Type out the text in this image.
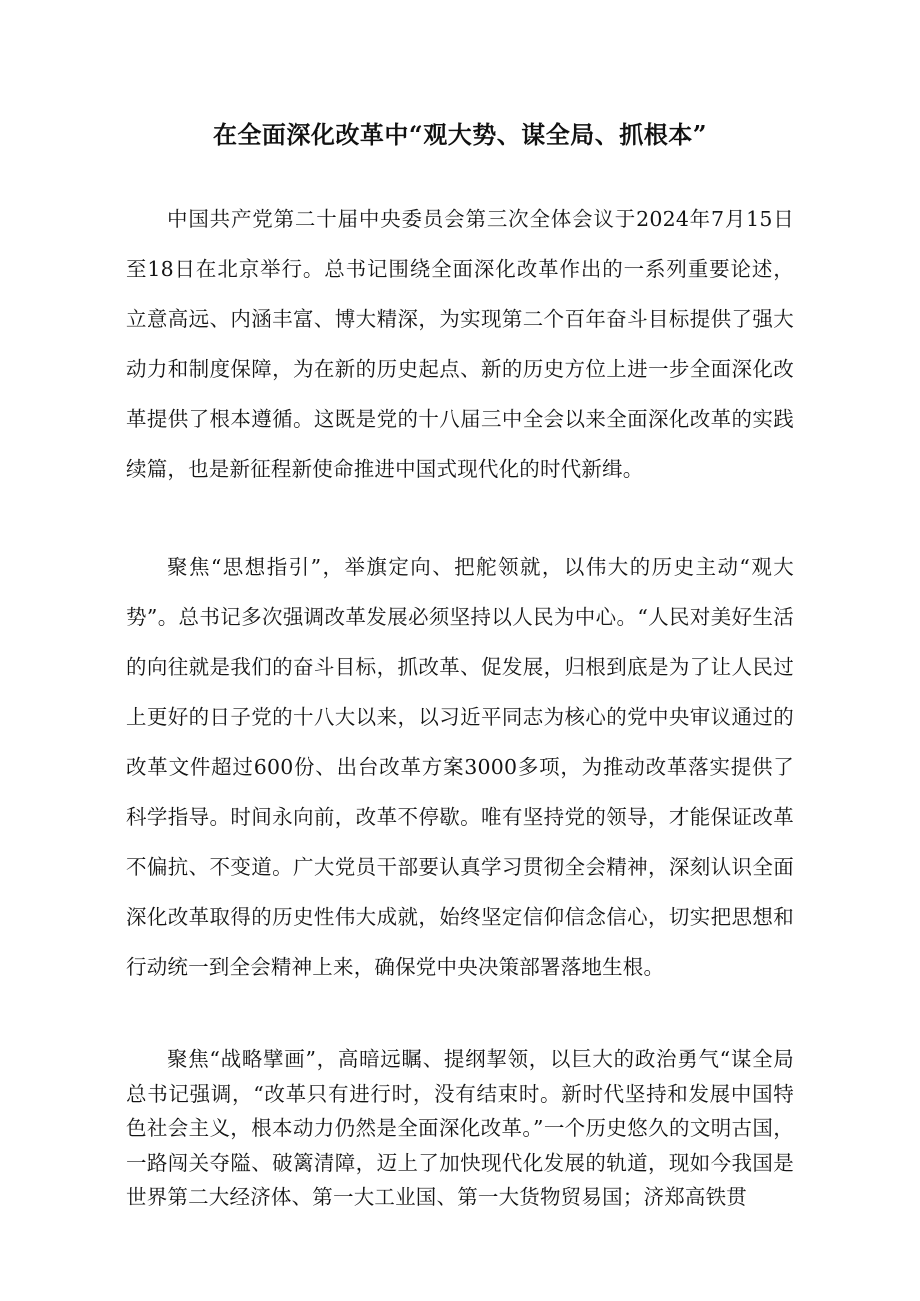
在全面深化改革中“观大势、谋全局、抓根本”

中国共产党第二十届中央委员会第三次全体会议于2024年7月15日至18日在北京举行。总书记围绕全面深化改革作出的一系列重要论述，立意高远、内涵丰富、博大精深，为实现第二个百年奋斗目标提供了强大动力和制度保障，为在新的历史起点、新的历史方位上进一步全面深化改革提供了根本遵循。这既是党的十八届三中全会以来全面深化改革的实践续篇，也是新征程新使命推进中国式现代化的时代新缉。

聚焦“思想指引”，举旗定向、把舵领就，以伟大的历史主动“观大势”。总书记多次强调改革发展必须坚持以人民为中心。“人民对美好生活的向往就是我们的奋斗目标，抓改革、促发展，归根到底是为了让人民过上更好的日子党的十八大以来，以习近平同志为核心的党中央审议通过的改革文件超过600份、出台改革方案3000多项，为推动改革落实提供了科学指导。时间永向前，改革不停歇。唯有坚持党的领导，才能保证改革不偏抗、不变道。广大党员干部要认真学习贯彻全会精神，深刻认识全面深化改革取得的历史性伟大成就，始终坚定信仰信念信心，切实把思想和行动统一到全会精神上来，确保党中央决策部署落地生根。

聚焦“战略擘画”，高暗远瞩、提纲挈领，以巨大的政治勇气“谋全局总书记强调，“改革只有进行时，没有结束时。新时代坚持和发展中国特色社会主义，根本动力仍然是全面深化改革。”一个历史悠久的文明古国，一路闯关夺隘、破篱清障，迈上了加快现代化发展的轨道，现如今我国是世界第二大经济体、第一大工业国、第一大货物贸易国；济郑高铁贯
